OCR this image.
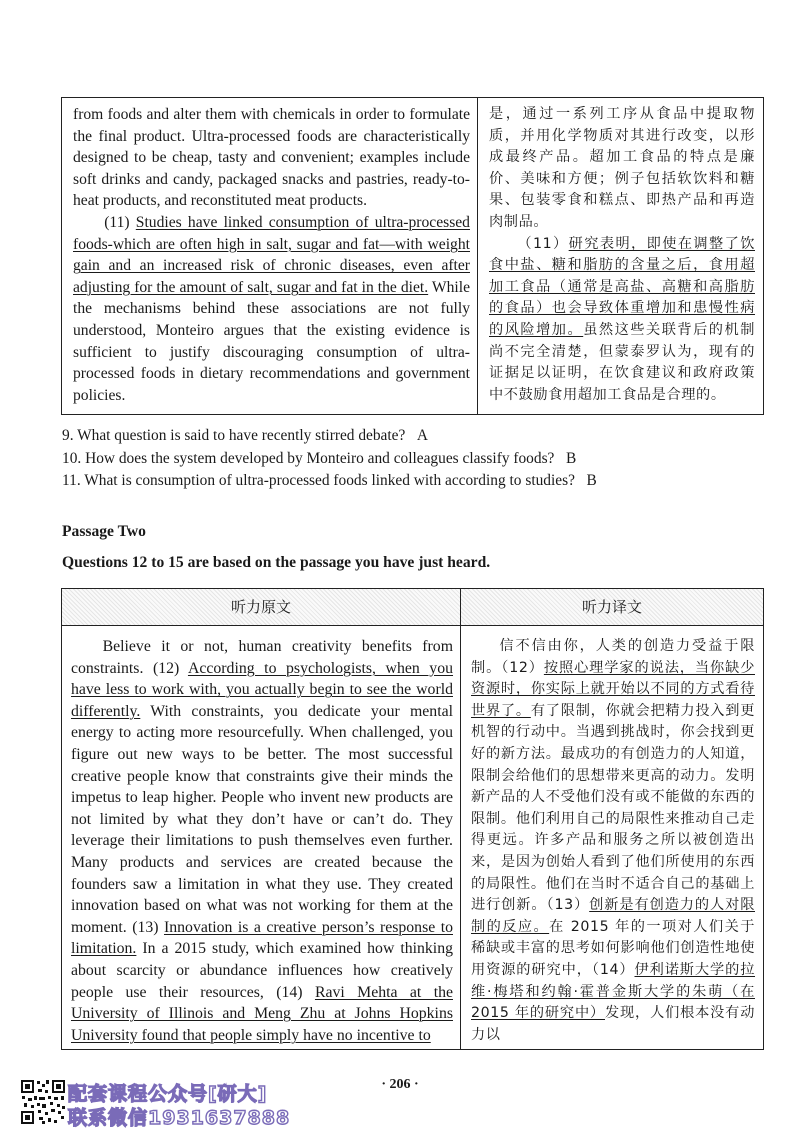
from foods and alter them with chemicals in order to formulate the final product. Ultra-processed foods are characteristically designed to be cheap, tasty and convenient; examples include soft drinks and candy, packaged snacks and pastries, ready-to-heat products, and reconstituted meat products.
(11) Studies have linked consumption of ultra-processed foods-which are often high in salt, sugar and fat—with weight gain and an increased risk of chronic diseases, even after adjusting for the amount of salt, sugar and fat in the diet. While the mechanisms behind these associations are not fully understood, Monteiro argues that the existing evidence is sufficient to justify discouraging consumption of ultra-processed foods in dietary recommendations and government policies.
是，通过一系列工序从食品中提取物质，并用化学物质对其进行改变，以形成最终产品。超加工食品的特点是廉价、美味和方便；例子包括软饮料和糖果、包装零食和糕点、即热产品和再造肉制品。
（11）研究表明，即使在调整了饮食中盐、糖和脂肪的含量之后，食用超加工食品（通常是高盐、高糖和高脂肪的食品）也会导致体重增加和患慢性病的风险增加。虽然这些关联背后的机制尚不完全清楚，但蒙泰罗认为，现有的证据足以证明，在饮食建议和政府政策中不鼓励食用超加工食品是合理的。
9. What question is said to have recently stirred debate? A
10. How does the system developed by Monteiro and colleagues classify foods? B
11. What is consumption of ultra-processed foods linked with according to studies? B
Passage Two
Questions 12 to 15 are based on the passage you have just heard.
听力原文	听力译文
Believe it or not, human creativity benefits from constraints. (12) According to psychologists, when you have less to work with, you actually begin to see the world differently. With constraints, you dedicate your mental energy to acting more resourcefully. When challenged, you figure out new ways to be better. The most successful creative people know that constraints give their minds the impetus to leap higher. People who invent new products are not limited by what they don’t have or can’t do. They leverage their limitations to push themselves even further. Many products and services are created because the founders saw a limitation in what they use. They created innovation based on what was not working for them at the moment. (13) Innovation is a creative person’s response to limitation. In a 2015 study, which examined how thinking about scarcity or abundance influences how creatively people use their resources, (14) Ravi Mehta at the University of Illinois and Meng Zhu at Johns Hopkins University found that people simply have no incentive to
信不信由你，人类的创造力受益于限制。（12）按照心理学家的说法，当你缺少资源时，你实际上就开始以不同的方式看待世界了。有了限制，你就会把精力投入到更机智的行动中。当遇到挑战时，你会找到更好的新方法。最成功的有创造力的人知道，限制会给他们的思想带来更高的动力。发明新产品的人不受他们没有或不能做的东西的限制。他们利用自己的局限性来推动自己走得更远。许多产品和服务之所以被创造出来，是因为创始人看到了他们所使用的东西的局限性。他们在当时不适合自己的基础上进行创新。（13）创新是有创造力的人对限制的反应。在 2015 年的一项对人们关于稀缺或丰富的思考如何影响他们创造性地使用资源的研究中，（14）伊利诺斯大学的拉维·梅塔和约翰·霍普金斯大学的朱萌（在 2015 年的研究中）发现，人们根本没有动力以
· 206 ·
配套课程公众号[研大]
联系微信1931637888
